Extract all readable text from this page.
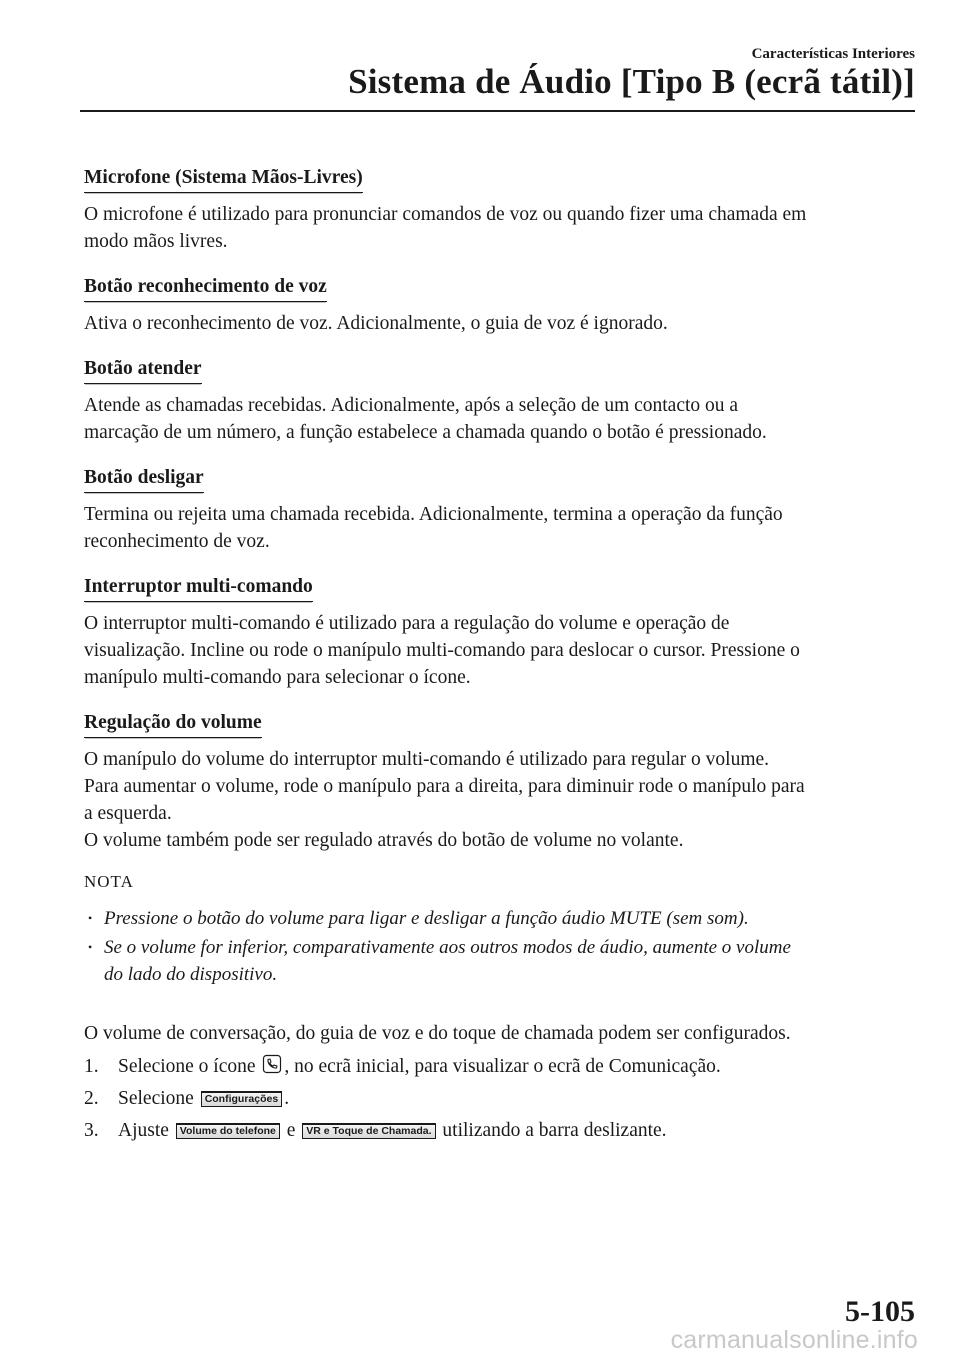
Características Interiores
Sistema de Áudio [Tipo B (ecrã tátil)]
Microfone (Sistema Mãos-Livres)

O microfone é utilizado para pronunciar comandos de voz ou quando fizer uma chamada em

modo mãos livres.

Botão reconhecimento de voz

Ativa o reconhecimento de voz. Adicionalmente, o guia de voz é ignorado.

Botão atender

Atende as chamadas recebidas. Adicionalmente, após a seleção de um contacto ou a

marcação de um número, a função estabelece a chamada quando o botão é pressionado.

Botão desligar

Termina ou rejeita uma chamada recebida. Adicionalmente, termina a operação da função

reconhecimento de voz.

Interruptor multi-comando

O interruptor multi-comando é utilizado para a regulação do volume e operação de

visualização. Incline ou rode o manípulo multi-comando para deslocar o cursor. Pressione o

manípulo multi-comando para selecionar o ícone.

Regulação do volume

O manípulo do volume do interruptor multi-comando é utilizado para regular o volume.

Para aumentar o volume, rode o manípulo para a direita, para diminuir rode o manípulo para

a esquerda.

O volume também pode ser regulado através do botão de volume no volante.

NOTA
• Pressione o botão do volume para ligar e desligar a função áudio MUTE (sem som).
• Se o volume for inferior, comparativamente aos outros modos de áudio, aumente o volume
do lado do dispositivo.

O volume de conversação, do guia de voz e do toque de chamada podem ser configurados.

1. Selecione o ícone , no ecrã inicial, para visualizar o ecrã de Comunicação.
2. Selecione Configurações .
3. Ajuste Volume do telefone e VR e Toque de Chamada. utilizando a barra deslizante.
5-105
carmanualsonline.info
